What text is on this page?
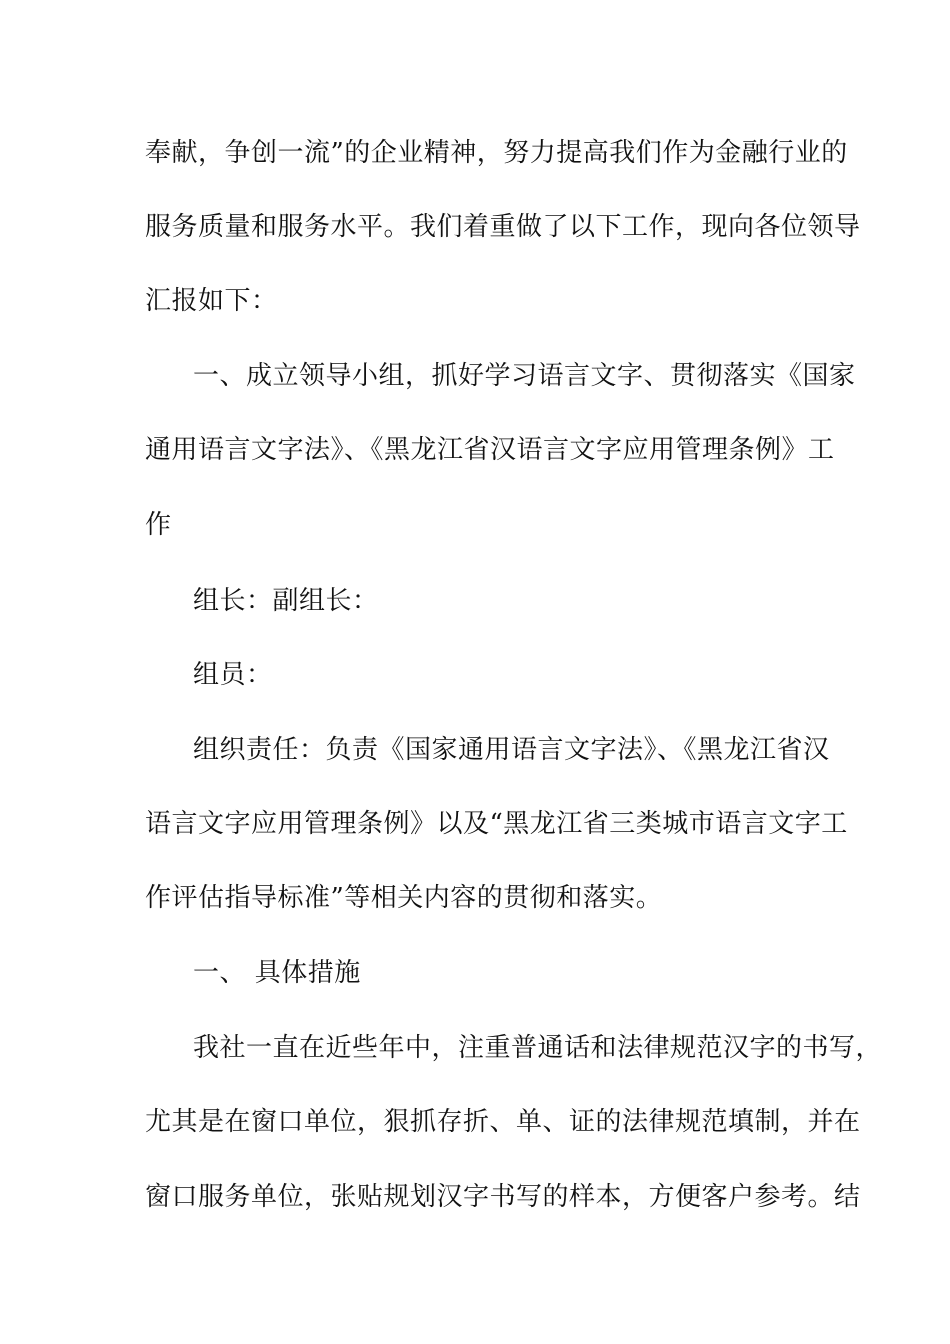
奉献，争创一流”的企业精神，努力提高我们作为金融行业的
服务质量和服务水平。我们着重做了以下工作，现向各位领导
汇报如下：
一、成立领导小组，抓好学习语言文字、贯彻落实《国家
通用语言文字法》、《黑龙江省汉语言文字应用管理条例》工
作
组长：副组长：
组员：
组织责任：负责《国家通用语言文字法》、《黑龙江省汉
语言文字应用管理条例》以及“黑龙江省三类城市语言文字工
作评估指导标准”等相关内容的贯彻和落实。
一、 具体措施
我社一直在近些年中，注重普通话和法律规范汉字的书写，
尤其是在窗口单位，狠抓存折、单、证的法律规范填制，并在
窗口服务单位，张贴规划汉字书写的样本，方便客户参考。结
